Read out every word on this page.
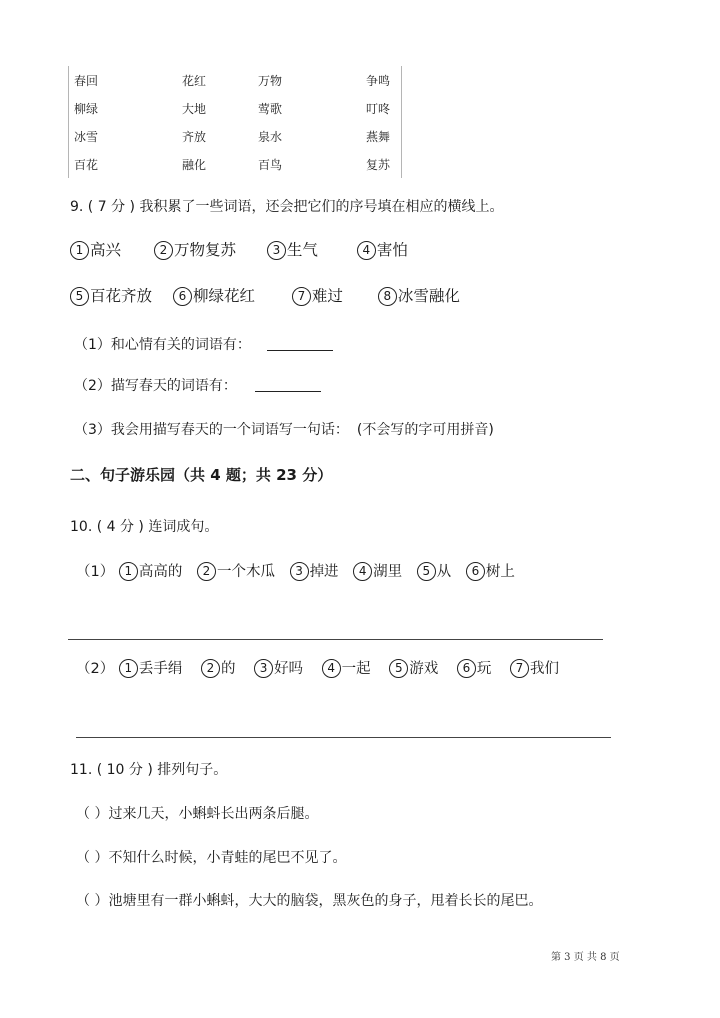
春回	花红	万物	争鸣
柳绿	大地	莺歌	叮咚
冰雪	齐放	泉水	燕舞
百花	融化	百鸟	复苏
9. ( 7 分 ) 我积累了一些词语，还会把它们的序号填在相应的横线上。
1 高兴	2 万物复苏	3 生气	4 害怕
5 百花齐放 6 柳绿花红	7 难过	8 冰雪融化
（1）和心情有关的词语有：
（2）描写春天的词语有：
（3）我会用描写春天的一个词语写一句话： (不会写的字可用拼音)
二、句子游乐园（共 4 题；共 23 分）
10. ( 4 分 ) 连词成句。
（1） 1 高高的 2 一个木瓜 3 掉进 4 湖里 5 从 6 树上
（2） 1 丢手绢 2 的 3 好吗 4 一起 5 游戏 6 玩 7 我们
11. ( 10 分 ) 排列句子。
（ ）过来几天，小蝌蚪长出两条后腿。
（ ）不知什么时候，小青蛙的尾巴不见了。
（ ）池塘里有一群小蝌蚪，大大的脑袋，黑灰色的身子，甩着长长的尾巴。
第 3 页 共 8 页
